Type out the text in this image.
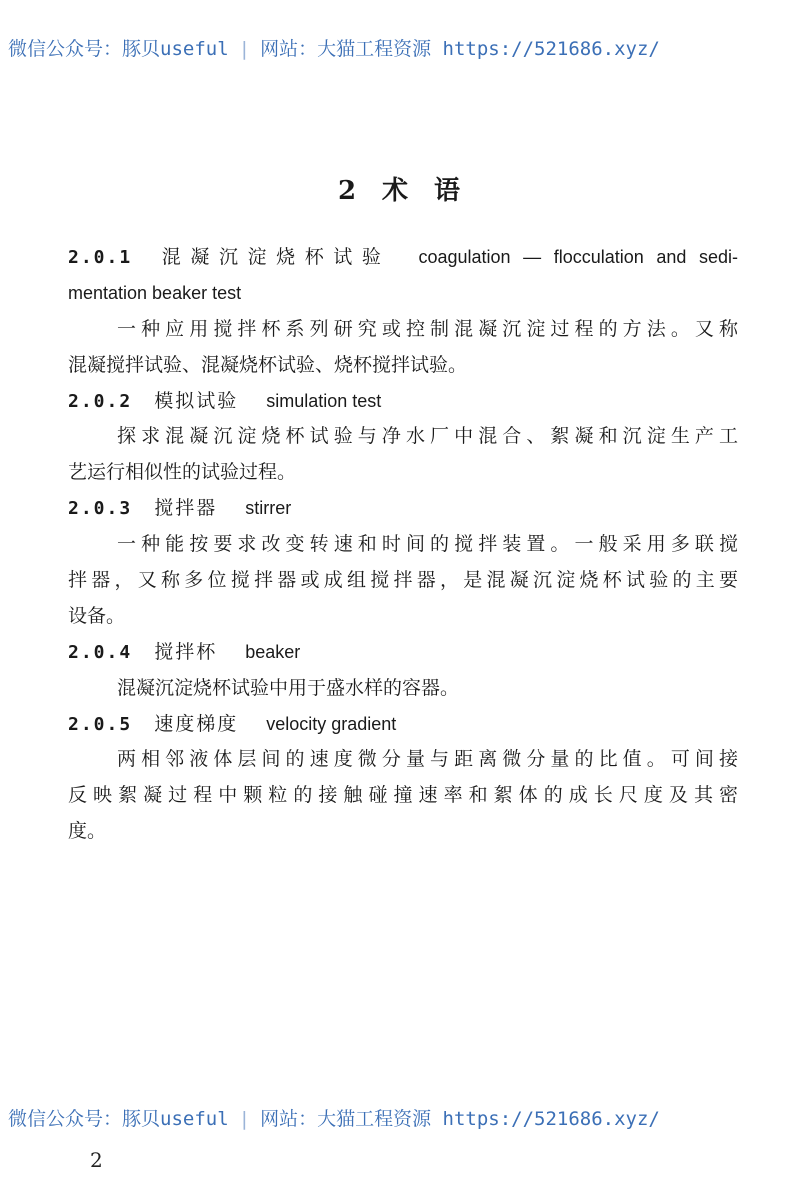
微信公众号：豚贝useful | 网站：大猫工程资源 https://521686.xyz/
2 术 语
2.0.1 混凝沉淀烧杯试验 coagulation — flocculation and sedi-
mentation beaker test
一种应用搅拌杯系列研究或控制混凝沉淀过程的方法。又称
混凝搅拌试验、混凝烧杯试验、烧杯搅拌试验。
2.0.2 模拟试验 simulation test
探求混凝沉淀烧杯试验与净水厂中混合、絮凝和沉淀生产工
艺运行相似性的试验过程。
2.0.3 搅拌器 stirrer
一种能按要求改变转速和时间的搅拌装置。一般采用多联搅
拌器，又称多位搅拌器或成组搅拌器，是混凝沉淀烧杯试验的主要
设备。
2.0.4 搅拌杯 beaker
混凝沉淀烧杯试验中用于盛水样的容器。
2.0.5 速度梯度 velocity gradient
两相邻液体层间的速度微分量与距离微分量的比值。可间接
反映絮凝过程中颗粒的接触碰撞速率和絮体的成长尺度及其密
度。
微信公众号：豚贝useful | 网站：大猫工程资源 https://521686.xyz/
2
